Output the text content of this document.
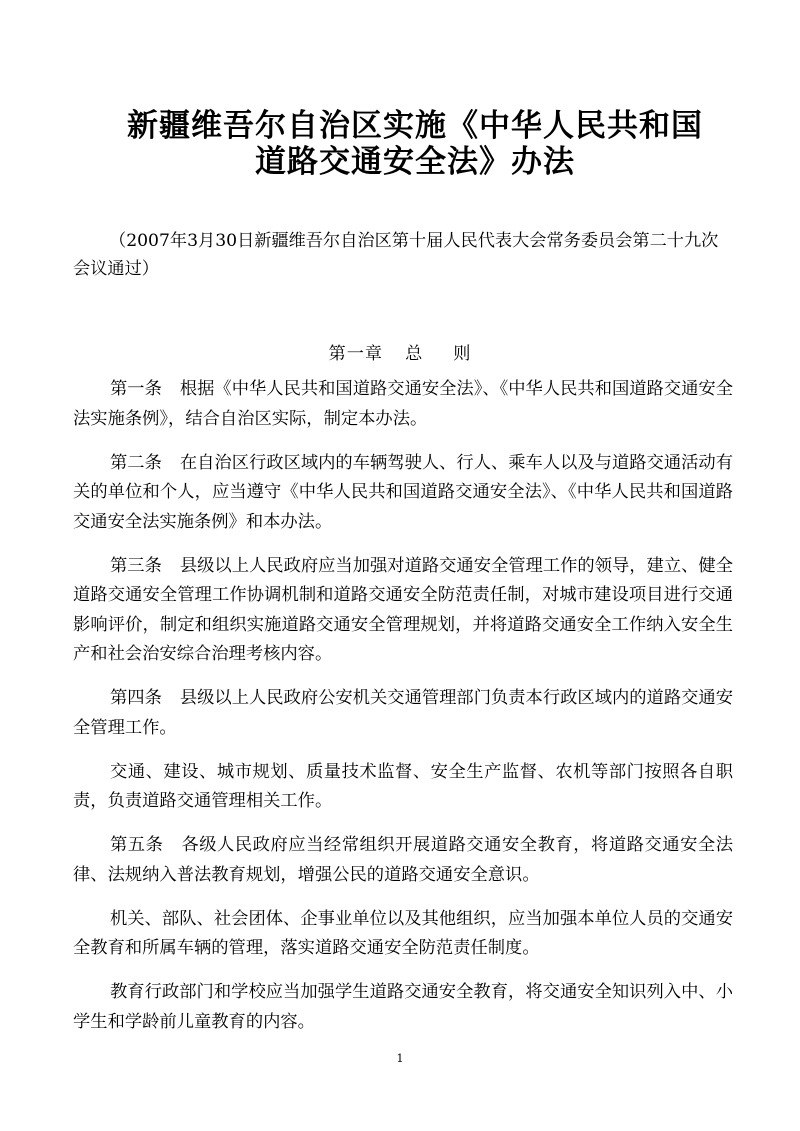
新疆维吾尔自治区实施《中华人民共和国
道路交通安全法》办法
（2007年3月30日新疆维吾尔自治区第十届人民代表大会常务委员会第二十九次会议通过）
第一章 总 则

第一条 根据《中华人民共和国道路交通安全法》、《中华人民共和国道路交通安全法实施条例》，结合自治区实际，制定本办法。

第二条 在自治区行政区域内的车辆驾驶人、行人、乘车人以及与道路交通活动有关的单位和个人，应当遵守《中华人民共和国道路交通安全法》、《中华人民共和国道路交通安全法实施条例》和本办法。

第三条 县级以上人民政府应当加强对道路交通安全管理工作的领导，建立、健全道路交通安全管理工作协调机制和道路交通安全防范责任制，对城市建设项目进行交通影响评价，制定和组织实施道路交通安全管理规划，并将道路交通安全工作纳入安全生产和社会治安综合治理考核内容。

第四条 县级以上人民政府公安机关交通管理部门负责本行政区域内的道路交通安全管理工作。

交通、建设、城市规划、质量技术监督、安全生产监督、农机等部门按照各自职责，负责道路交通管理相关工作。

第五条 各级人民政府应当经常组织开展道路交通安全教育，将道路交通安全法律、法规纳入普法教育规划，增强公民的道路交通安全意识。

机关、部队、社会团体、企事业单位以及其他组织，应当加强本单位人员的交通安全教育和所属车辆的管理，落实道路交通安全防范责任制度。

教育行政部门和学校应当加强学生道路交通安全教育，将交通安全知识列入中、小学生和学龄前儿童教育的内容。

1
